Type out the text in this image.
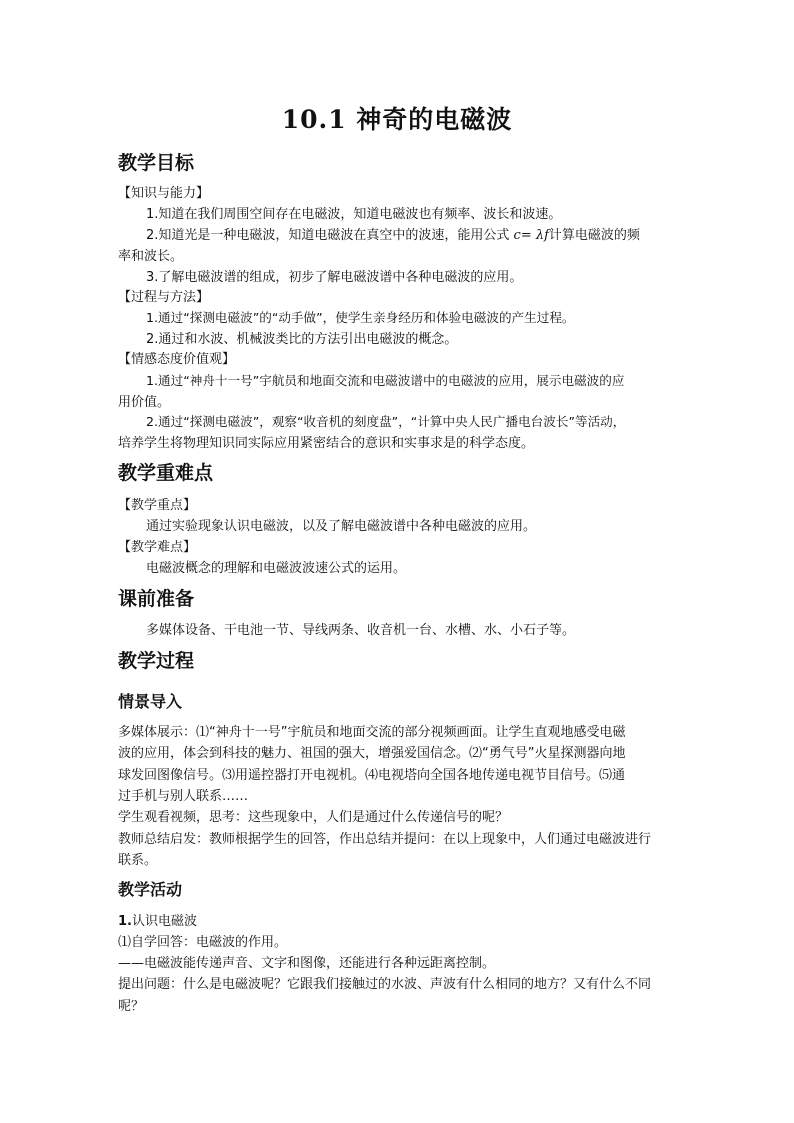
10.1 神奇的电磁波
教学目标
【知识与能力】
1.知道在我们周围空间存在电磁波，知道电磁波也有频率、波长和波速。
2.知道光是一种电磁波，知道电磁波在真空中的波速，能用公式 c= λf计算电磁波的频
率和波长。
3.了解电磁波谱的组成，初步了解电磁波谱中各种电磁波的应用。
【过程与方法】
1.通过“探测电磁波”的“动手做”，使学生亲身经历和体验电磁波的产生过程。
2.通过和水波、机械波类比的方法引出电磁波的概念。
【情感态度价值观】
1.通过“神舟十一号”宇航员和地面交流和电磁波谱中的电磁波的应用，展示电磁波的应
用价值。
2.通过“探测电磁波”，观察“收音机的刻度盘”，“计算中央人民广播电台波长”等活动，
培养学生将物理知识同实际应用紧密结合的意识和实事求是的科学态度。
教学重难点
【教学重点】
通过实验现象认识电磁波，以及了解电磁波谱中各种电磁波的应用。
【教学难点】
电磁波概念的理解和电磁波波速公式的运用。
课前准备
多媒体设备、干电池一节、导线两条、收音机一台、水槽、水、小石子等。
教学过程
情景导入
多媒体展示：⑴“神舟十一号”宇航员和地面交流的部分视频画面。让学生直观地感受电磁
波的应用，体会到科技的魅力、祖国的强大，增强爱国信念。⑵“勇气号”火星探测器向地
球发回图像信号。⑶用遥控器打开电视机。⑷电视塔向全国各地传递电视节目信号。⑸通
过手机与别人联系……
学生观看视频，思考：这些现象中，人们是通过什么传递信号的呢？
教师总结启发：教师根据学生的回答，作出总结并提问：在以上现象中，人们通过电磁波进行
联系。
教学活动
1.认识电磁波
⑴自学回答：电磁波的作用。
——电磁波能传递声音、文字和图像，还能进行各种远距离控制。
提出问题：什么是电磁波呢？它跟我们接触过的水波、声波有什么相同的地方？又有什么不同
呢？
